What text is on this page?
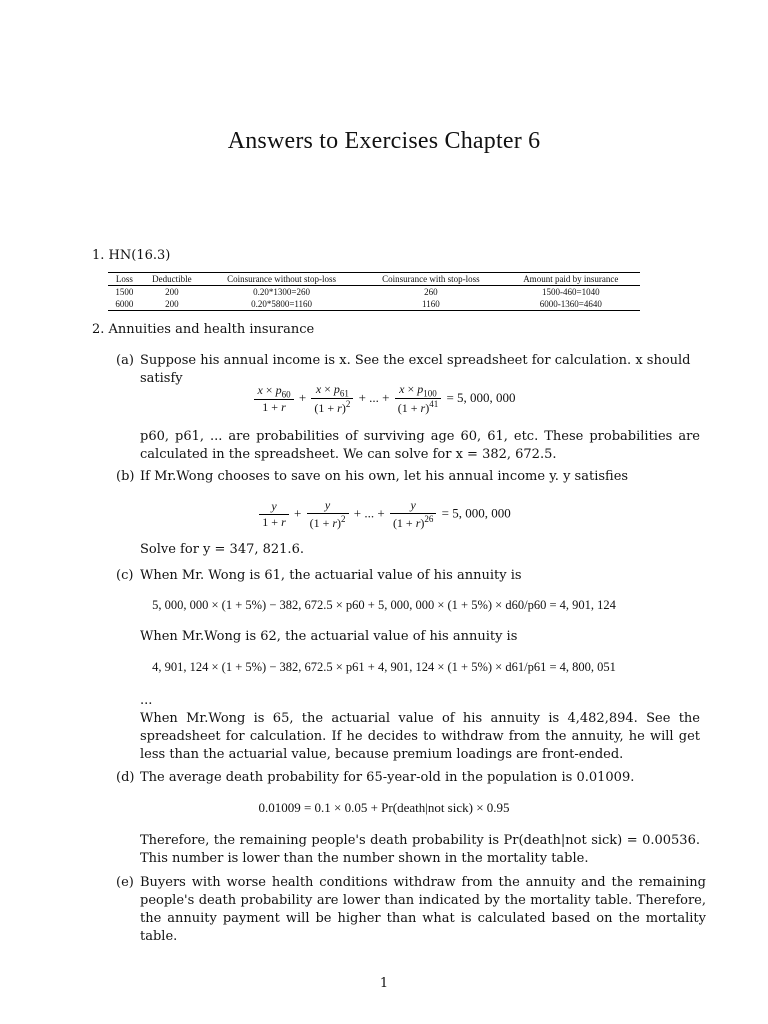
Answers to Exercises Chapter 6
1. HN(16.3)
Loss	Deductible	Coinsurance without stop-loss	Coinsurance with stop-loss	Amount paid by insurance
1500	200	0.20*1300=260	260	1500-460=1040
6000	200	0.20*5800=1160	1160	6000-1360=4640
2. Annuities and health insurance
(a) Suppose his annual income is x. See the excel spreadsheet for calculation. x should satisfy
$\frac{x \times p_{60}}{1 + r} + \frac{x \times p_{61}}{(1 + r)^2}$ + ... + $\frac{x \times p_{100}}{(1 + r)^{41}} = 5$, 000, 000
p60, p61, ... are probabilities of surviving age 60, 61, etc. These probabilities are calculated in the spreadsheet. We can solve for x = 382, 672.5.
(b) If Mr.Wong chooses to save on his own, let his annual income y. y satisfies
$\frac{y}{1 + r} + \frac{y}{(1 + r)^2}$ + ... + $\frac{y}{(1 + r)^{26}} = 5$, 000, 000
Solve for y = 347, 821.6.
(c) When Mr. Wong is 61, the actuarial value of his annuity is
5, 000, 000 × (1 + 5%) − 382, 672.5 × p60 + 5, 000, 000 × (1 + 5%) × d60/p60 = 4, 901, 124
When Mr.Wong is 62, the actuarial value of his annuity is
4, 901, 124 × (1 + 5%) − 382, 672.5 × p61 + 4, 901, 124 × (1 + 5%) × d61/p61 = 4, 800, 051
...
When Mr.Wong is 65, the actuarial value of his annuity is 4,482,894. See the spreadsheet for calculation. If he decides to withdraw from the annuity, he will get less than the actuarial value, because premium loadings are front-ended.
(d) The average death probability for 65-year-old in the population is 0.01009.
0.01009 = 0.1 × 0.05 + Pr(death|not sick) × 0.95
Therefore, the remaining people's death probability is Pr(death|not sick) = 0.00536. This number is lower than the number shown in the mortality table.
(e) Buyers with worse health conditions withdraw from the annuity and the remaining people's death probability are lower than indicated by the mortality table. Therefore, the annuity payment will be higher than what is calculated based on the mortality table.
1
